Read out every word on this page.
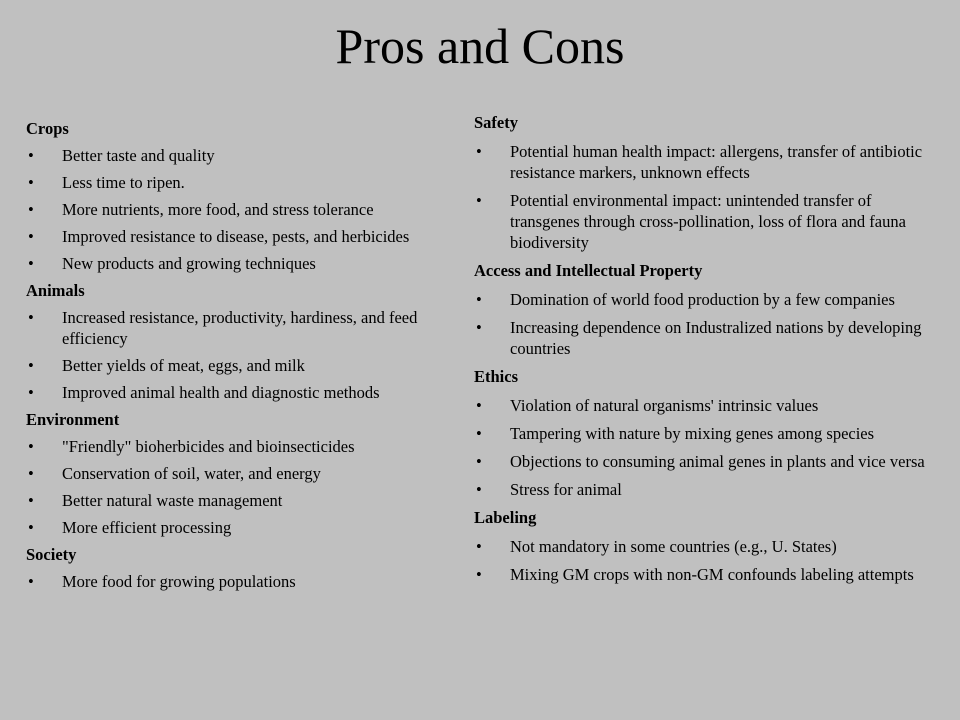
Pros and Cons
Crops
• Better taste and quality
• Less time to ripen.
• More nutrients, more food, and stress tolerance
• Improved resistance to disease, pests, and herbicides
• New products and growing techniques
Animals
• Increased resistance, productivity, hardiness, and feed efficiency
• Better yields of meat, eggs, and milk
• Improved animal health and diagnostic methods
Environment
• "Friendly" bioherbicides and bioinsecticides
• Conservation of soil, water, and energy
• Better natural waste management
• More efficient processing
Society
• More food for growing populations
Safety
• Potential human health impact: allergens, transfer of antibiotic resistance markers, unknown effects
• Potential environmental impact: unintended transfer of transgenes through cross-pollination, loss of flora and fauna biodiversity
Access and Intellectual Property
• Domination of world food production by a few companies
• Increasing dependence on Industralized nations by developing countries
Ethics
• Violation of natural organisms' intrinsic values
• Tampering with nature by mixing genes among species
• Objections to consuming animal genes in plants and vice versa
• Stress for animal
Labeling
• Not mandatory in some countries (e.g., U. States)
• Mixing GM crops with non-GM confounds labeling attempts
